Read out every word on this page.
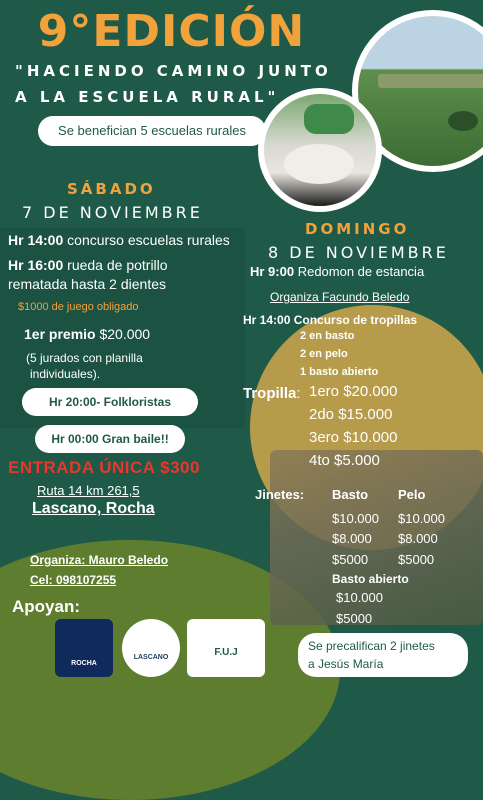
9°EDICIÓN
"HACIENDO CAMINO JUNTO
A LA ESCUELA RURAL"
Se benefician 5 escuelas rurales
SÁBADO
7 DE NOVIEMBRE
Hr 14:00 concurso escuelas rurales
Hr 16:00 rueda de potrillo
rematada hasta 2 dientes
$1000 de juego obligado
1er premio $20.000
(5 jurados con planilla
individuales).
Hr 20:00- Folkloristas
Hr 00:00 Gran baile!!
ENTRADA ÚNICA $300
Ruta 14 km 261,5
Lascano, Rocha
DOMINGO
8 DE NOVIEMBRE
Hr 9:00 Redomon de estancia
Organiza Facundo Beledo
Hr 14:00 Concurso de tropillas
2 en basto
2 en pelo
1 basto abierto
Tropilla: 1ero $20.000
2do $15.000
3ero $10.000
4to $5.000
Jinetes: Basto Pelo
$10.000
$8.000
$5000
$10.000
$8.000
$5000
Basto abierto
$10.000
$5000
Se precalifican 2 jinetes
a Jesús María
Organiza: Mauro Beledo
Cel: 098107255
Apoyan:
ROCHA
LASCANO	F.U.J
